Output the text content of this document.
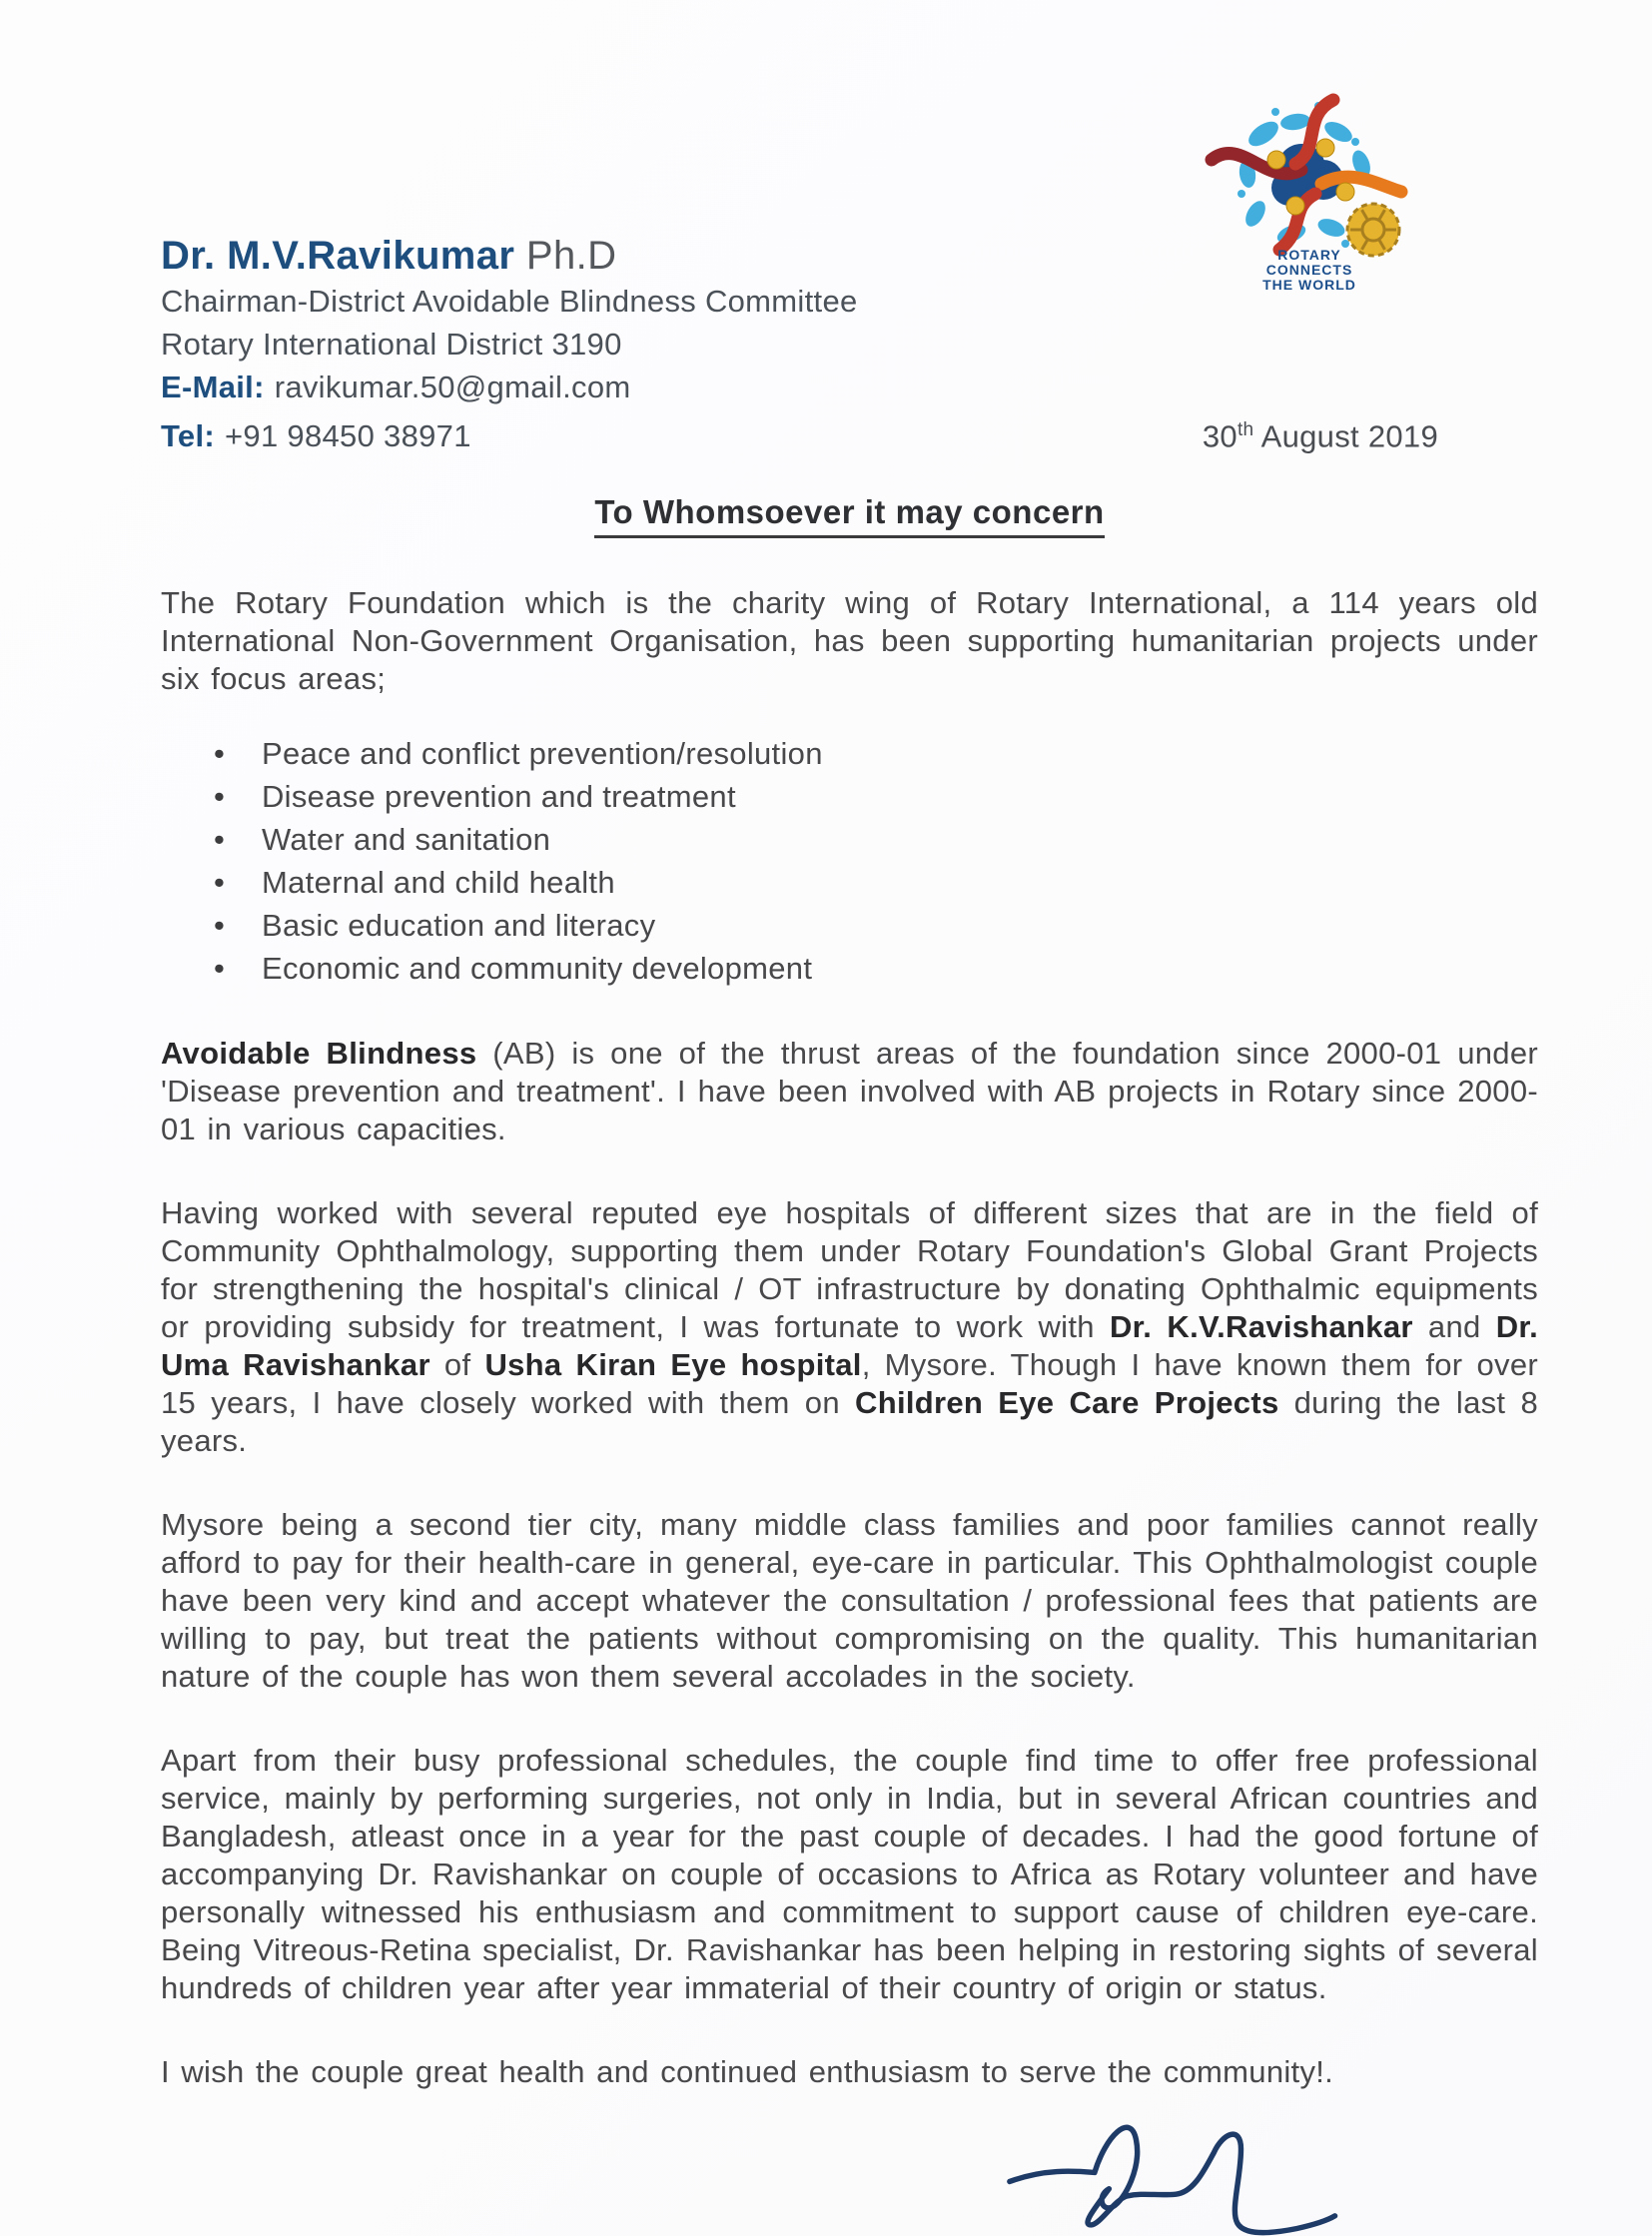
ROTARY
CONNECTS
THE WORLD
Dr. M.V.Ravikumar Ph.D
Chairman-District Avoidable Blindness Committee
Rotary International District 3190
E-Mail: ravikumar.50@gmail.com
Tel: +91 98450 38971	30th August 2019
To Whomsoever it may concern

The Rotary Foundation which is the charity wing of Rotary International, a 114 years old International Non-Government Organisation, has been supporting humanitarian projects under six focus areas;

• Peace and conflict prevention/resolution
• Disease prevention and treatment
• Water and sanitation
• Maternal and child health
• Basic education and literacy
• Economic and community development

Avoidable Blindness (AB) is one of the thrust areas of the foundation since 2000-01 under 'Disease prevention and treatment'. I have been involved with AB projects in Rotary since 2000-01 in various capacities.

Having worked with several reputed eye hospitals of different sizes that are in the field of Community Ophthalmology, supporting them under Rotary Foundation's Global Grant Projects for strengthening the hospital's clinical / OT infrastructure by donating Ophthalmic equipments or providing subsidy for treatment, I was fortunate to work with Dr. K.V.Ravishankar and Dr. Uma Ravishankar of Usha Kiran Eye hospital, Mysore. Though I have known them for over 15 years, I have closely worked with them on Children Eye Care Projects during the last 8 years.

Mysore being a second tier city, many middle class families and poor families cannot really afford to pay for their health-care in general, eye-care in particular. This Ophthalmologist couple have been very kind and accept whatever the consultation / professional fees that patients are willing to pay, but treat the patients without compromising on the quality. This humanitarian nature of the couple has won them several accolades in the society.

Apart from their busy professional schedules, the couple find time to offer free professional service, mainly by performing surgeries, not only in India, but in several African countries and Bangladesh, atleast once in a year for the past couple of decades. I had the good fortune of accompanying Dr. Ravishankar on couple of occasions to Africa as Rotary volunteer and have personally witnessed his enthusiasm and commitment to support cause of children eye-care. Being Vitreous-Retina specialist, Dr. Ravishankar has been helping in restoring sights of several hundreds of children year after year immaterial of their country of origin or status.

I wish the couple great health and continued enthusiasm to serve the community!.
